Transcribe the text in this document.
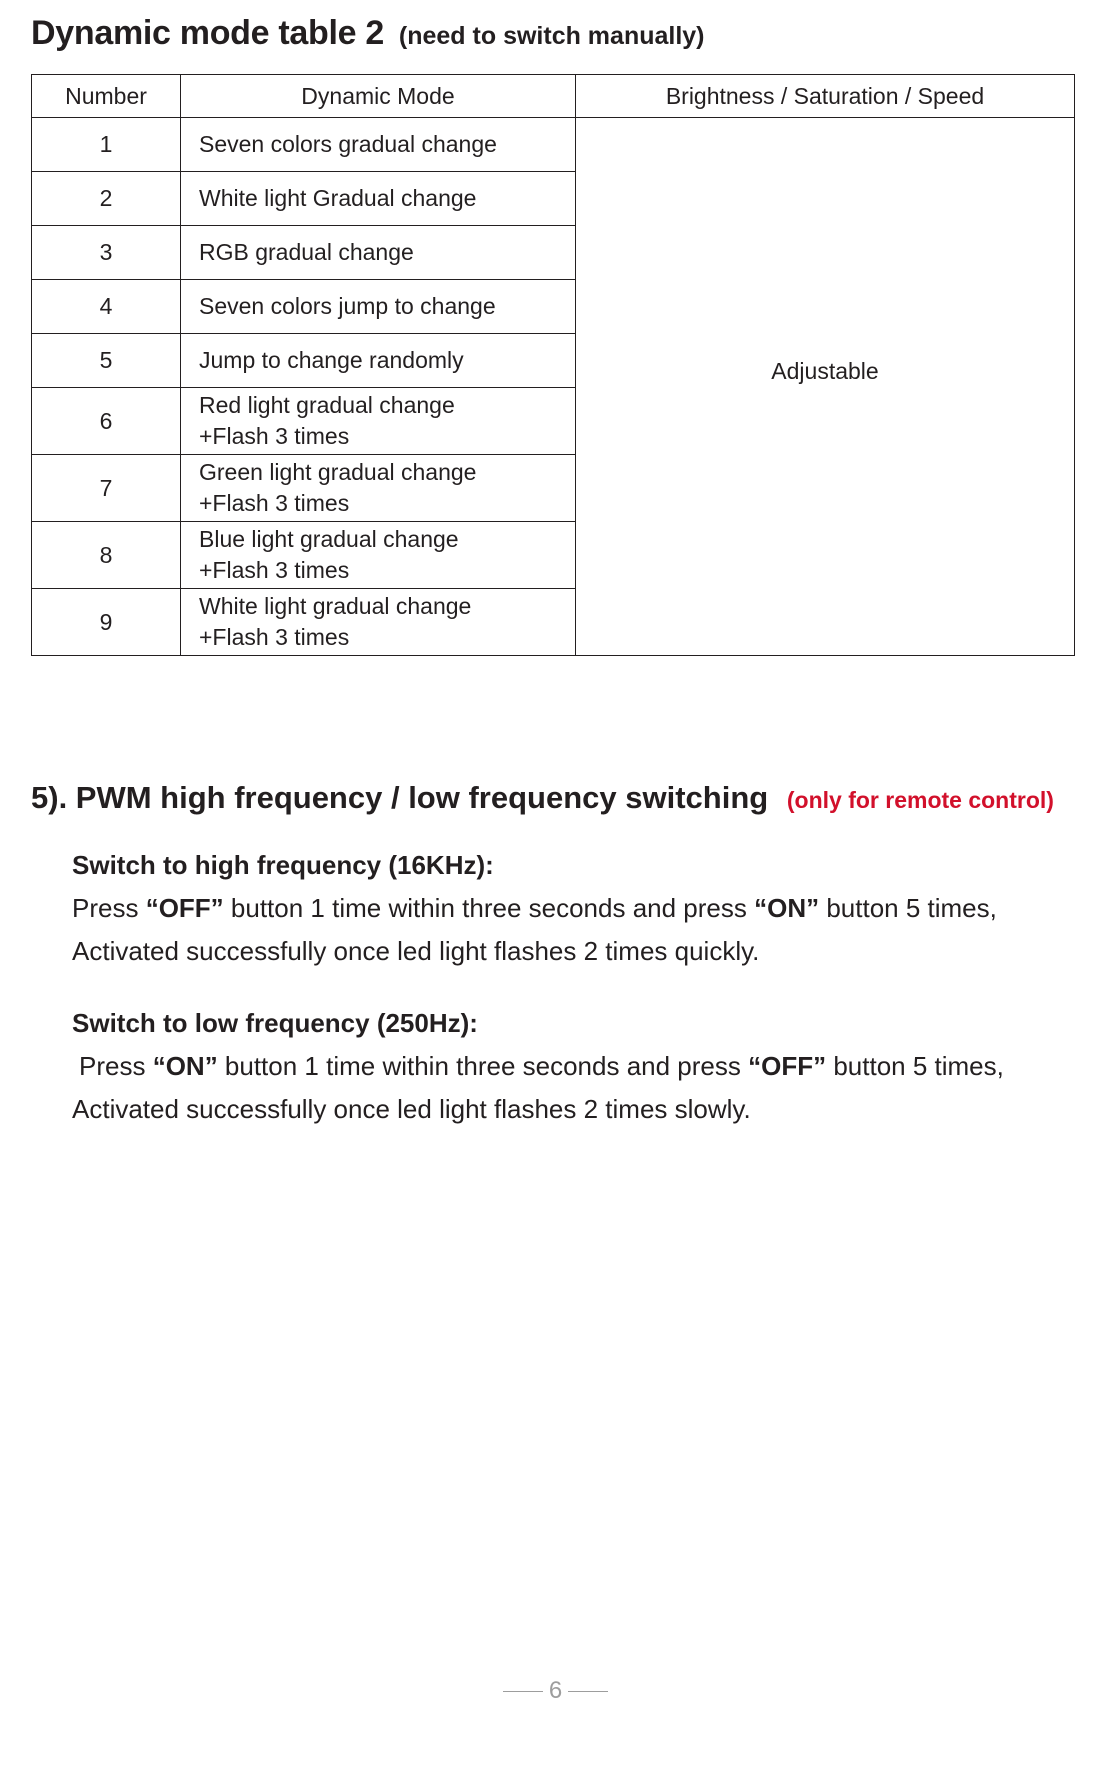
Dynamic mode table 2 (need to switch manually)
Number	Dynamic Mode	Brightness / Saturation / Speed
1	Seven colors gradual change	Adjustable
2	White light Gradual change	
3	RGB gradual change	
4	Seven colors jump to change	
5	Jump to change randomly	
6	Red light gradual change
+Flash 3 times	
7	Green light gradual change
+Flash 3 times	
8	Blue light gradual change
+Flash 3 times	
9	White light gradual change
+Flash 3 times	
5). PWM high frequency / low frequency switching (only for remote control)
Switch to high frequency (16KHz):
Press “OFF” button 1 time within three seconds and press “ON” button 5 times,
Activated successfully once led light flashes 2 times quickly.
Switch to low frequency (250Hz):
Press “ON” button 1 time within three seconds and press “OFF” button 5 times,
Activated successfully once led light flashes 2 times slowly.
6
